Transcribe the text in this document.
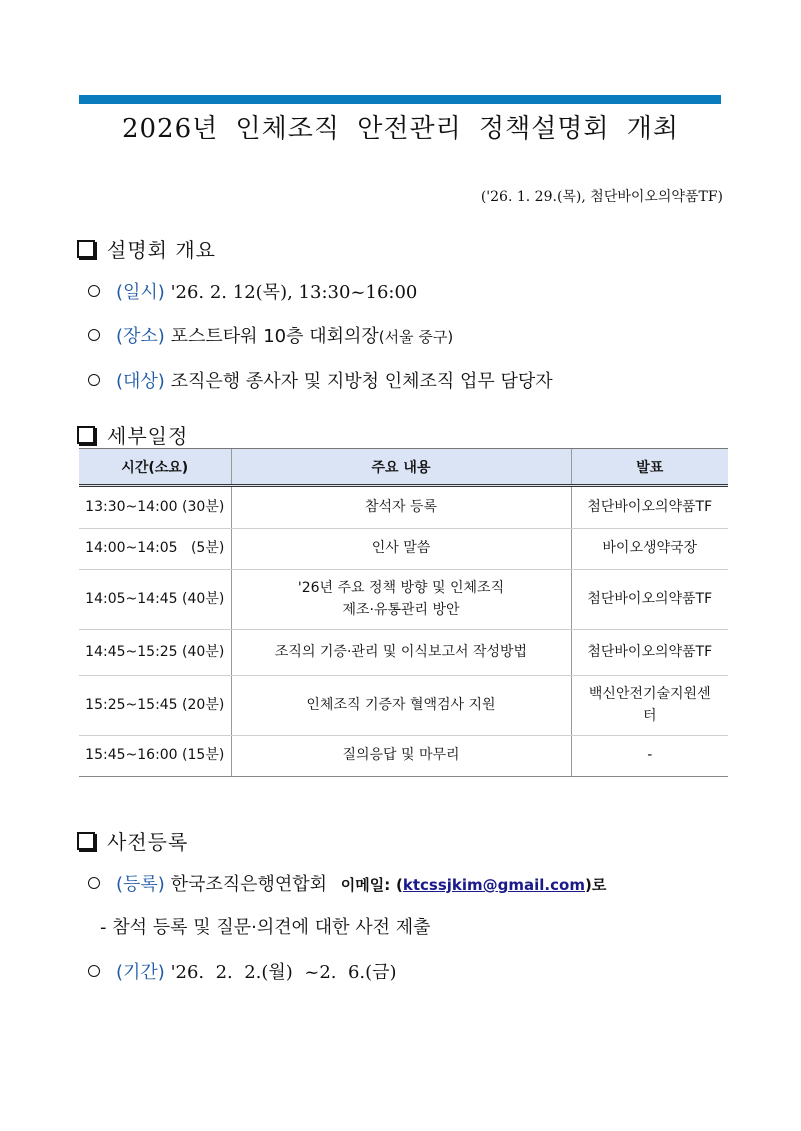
2026년 인체조직 안전관리 정책설명회 개최
('26. 1. 29.(목), 첨단바이오의약품TF)
설명회 개요
(일시) '26. 2. 12(목), 13:30~16:00
(장소) 포스트타워 10층 대회의장(서울 중구)
(대상) 조직은행 종사자 및 지방청 인체조직 업무 담당자
세부일정
시간(소요)	주요 내용	발표
13:30~14:00 (30분)	참석자 등록	첨단바이오의약품TF
14:00~14:05   (5분)	인사 말씀	바이오생약국장
14:05~14:45 (40분)	'26년 주요 정책 방향 및 인체조직
제조·유통관리 방안	첨단바이오의약품TF
14:45~15:25 (40분)	조직의 기증·관리 및 이식보고서 작성방법	첨단바이오의약품TF
15:25~15:45 (20분)	인체조직 기증자 혈액검사 지원	백신안전기술지원센
터

15:45~16:00 (15분)	질의응답 및 마무리	-
사전등록
(등록) 한국조직은행연합회 이메일: (ktcssjkim@gmail.com)로
- 참석 등록 및 질문·의견에 대한 사전 제출
(기간) '26.  2.  2.(월)  ~2.  6.(금)
